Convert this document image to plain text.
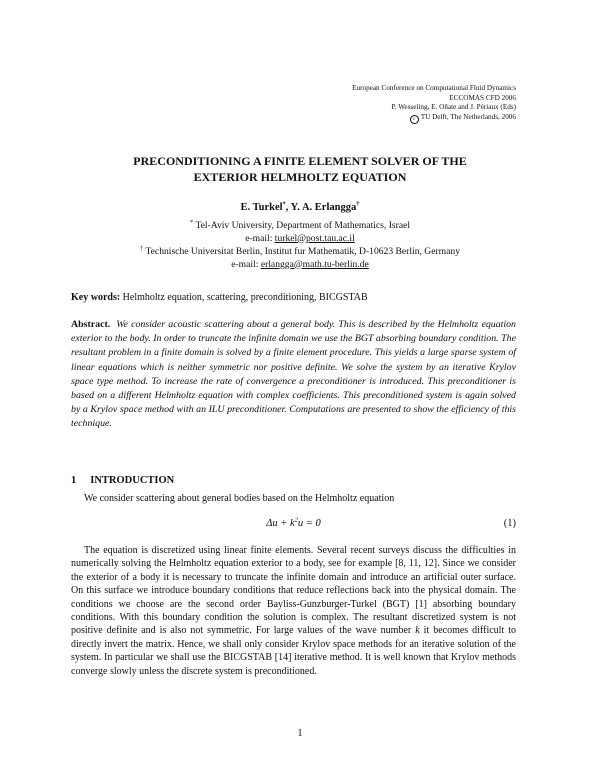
European Conference on Computational Fluid Dynamics
ECCOMAS CFD 2006
P. Wesseling, E. Oñate and J. Périaux (Eds)
c TU Delft, The Netherlands, 2006
PRECONDITIONING A FINITE ELEMENT SOLVER OF THE
EXTERIOR HELMHOLTZ EQUATION
E. Turkel*, Y. A. Erlangga†
* Tel-Aviv University, Department of Mathematics, Israel
e-mail: turkel@post.tau.ac.il
† Technische Universitat Berlin, Institut fur Mathematik, D-10623 Berlin, Germany
e-mail: erlangga@math.tu-berlin.de
Key words: Helmholtz equation, scattering, preconditioning, BICGSTAB
Abstract. We consider acoustic scattering about a general body. This is described by the Helmholtz equation exterior to the body. In order to truncate the infinite domain we use the BGT absorbing boundary condition. The resultant problem in a finite domain is solved by a finite element procedure. This yields a large sparse system of linear equations which is neither symmetric nor positive definite. We solve the system by an iterative Krylov space type method. To increase the rate of convergence a preconditioner is introduced. This preconditioner is based on a different Helmholtz equation with complex coefficients. This preconditioned system is again solved by a Krylov space method with an ILU preconditioner. Computations are presented to show the efficiency of this technique.
1 INTRODUCTION
We consider scattering about general bodies based on the Helmholtz equation
$\Delta u + k^2u = 0$	(1)
The equation is discretized using linear finite elements. Several recent surveys discuss the difficulties in numerically solving the Helmholtz equation exterior to a body, see for example [8, 11, 12]. Since we consider the exterior of a body it is necessary to truncate the infinite domain and introduce an artificial outer surface. On this surface we introduce boundary conditions that reduce reflections back into the physical domain. The conditions we choose are the second order Bayliss-Gunzburger-Turkel (BGT) [1] absorbing boundary conditions. With this boundary condition the solution is complex. The resultant discretized system is not positive definite and is also not symmetric. For large values of the wave number k it becomes difficult to directly invert the matrix. Hence, we shall only consider Krylov space methods for an iterative solution of the system. In particular we shall use the BICGSTAB [14] iterative method. It is well known that Krylov methods converge slowly unless the discrete system is preconditioned.
1
